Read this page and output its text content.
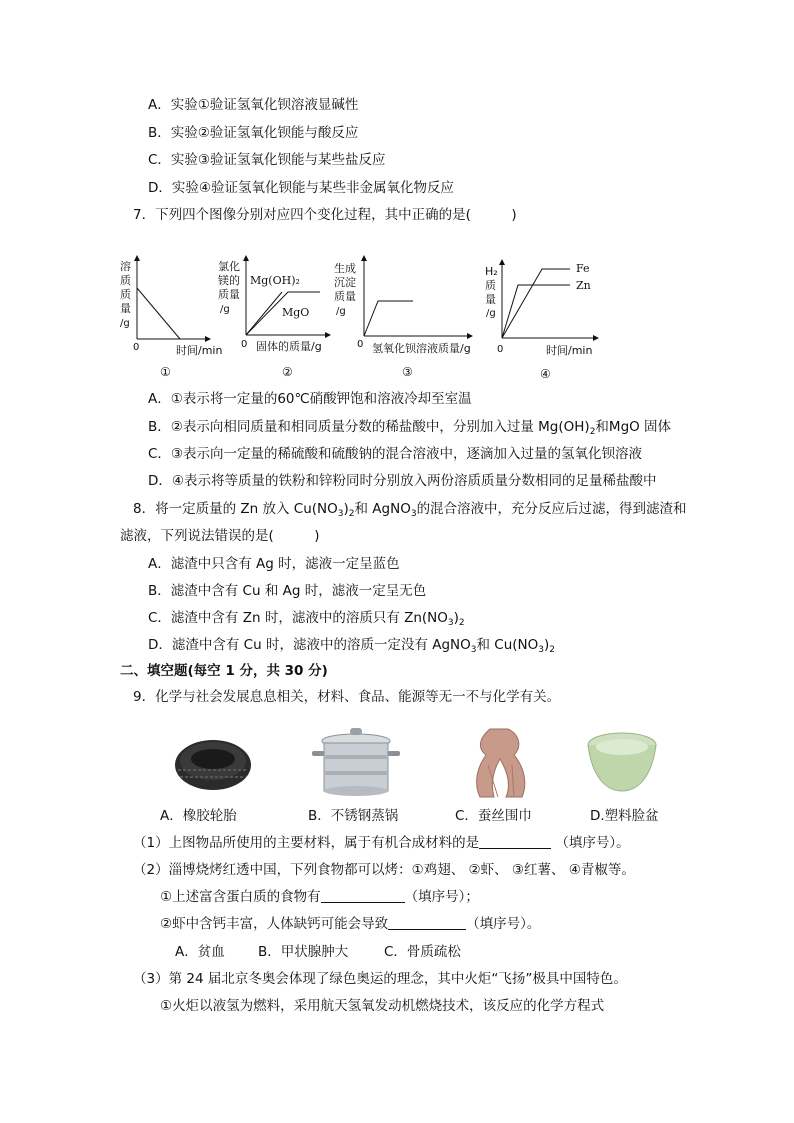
A．实验①验证氢氧化钡溶液显碱性
B．实验②验证氢氧化钡能与酸反应
C．实验③验证氢氧化钡能与某些盐反应
D．实验④验证氢氧化钡能与某些非金属氧化物反应
7．下列四个图像分别对应四个变化过程，其中正确的是(　　　)
溶
质
质
量
/g
0	时间/min
①
氯化
镁的
质量
/g
Mg(OH)₂
MgO
0 固体的质量/g
②
生成
沉淀
质量
/g
0 氢氧化钡溶液质量/g
③
H₂
质
量
/g
Fe
Zn
0	时间/min
④
A．①表示将一定量的60℃硝酸钾饱和溶液冷却至室温
B．②表示向相同质量和相同质量分数的稀盐酸中，分别加入过量 $Mg(OH)_2$和MgO 固体
C．③表示向一定量的稀硫酸和硫酸钠的混合溶液中，逐滴加入过量的氢氧化钡溶液
D．④表示将等质量的铁粉和锌粉同时分别放入两份溶质质量分数相同的足量稀盐酸中
8．将一定质量的 Zn 放入 $Cu(NO_3)_2$和 AgNO$_3$的混合溶液中，充分反应后过滤，得到滤渣和
滤液，下列说法错误的是(　　　)
A．滤渣中只含有 Ag 时，滤液一定呈蓝色
B．滤渣中含有 Cu 和 Ag 时，滤液一定呈无色
C．滤渣中含有 Zn 时，滤液中的溶质只有 $Zn(NO_3)_2$
D．滤渣中含有 Cu 时，滤液中的溶质一定没有 AgNO$_3$和 $Cu(NO_3)_2$
二、填空题(每空 1 分，共 30 分)
9．化学与社会发展息息相关，材料、食品、能源等无一不与化学有关。
A．橡胶轮胎	B．不锈钢蒸锅	C．蚕丝围巾	D.塑料脸盆
（1）上图物品所使用的主要材料，属于有机合成材料的是	（填序号）。
（2）淄博烧烤红透中国，下列食物都可以烤：①鸡翅、 ②虾、 ③红薯、 ④青椒等。
①上述富含蛋白质的食物有	（填序号）；
②虾中含钙丰富，人体缺钙可能会导致	（填序号）。
A．贫血 B．甲状腺肿大	C．骨质疏松
（3）第 24 届北京冬奥会体现了绿色奥运的理念，其中火炬“飞扬”极具中国特色。
①火炬以液氢为燃料，采用航天氢氧发动机燃烧技术，该反应的化学方程式
